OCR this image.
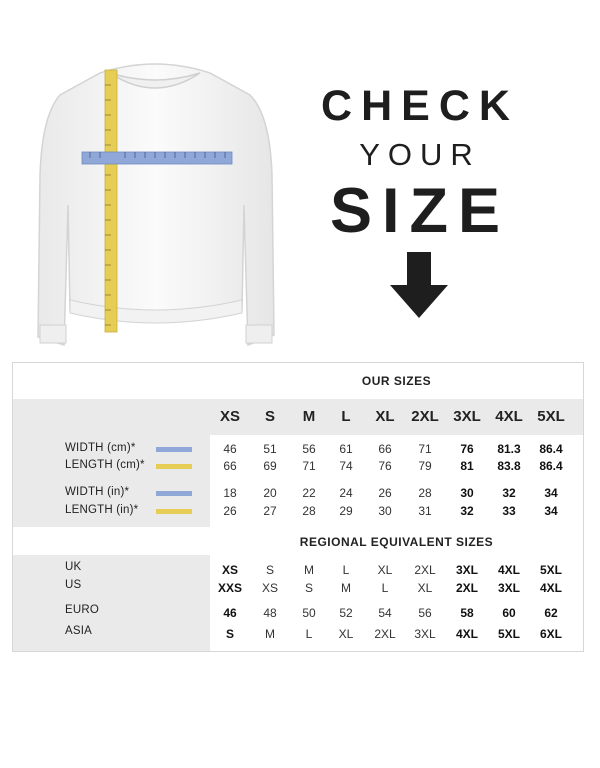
CHECK
YOUR
SIZE
OUR SIZES
REGIONAL EQUIVALENT SIZES
XS	S	M	L	XL	2XL 3XL 4XL 5XL
WIDTH (cm)*	46	51	56	61	66	71	76	81.3	86.4
LENGTH (cm)*	66	69	71	74	76	79	81	83.8	86.4
WIDTH (in)*	18	20	22	24	26	28	30	32	34
LENGTH (in)*	26	27	28	29	30	31	32	33	34
UK	XS	S	M	L	XL	2XL	3XL	4XL	5XL
US	XXS	XS	S	M	L	XL	2XL	3XL	4XL
EURO	46	48	50	52	54	56	58	60	62
ASIA	S	M	L	XL	2XL	3XL	4XL	5XL	6XL
